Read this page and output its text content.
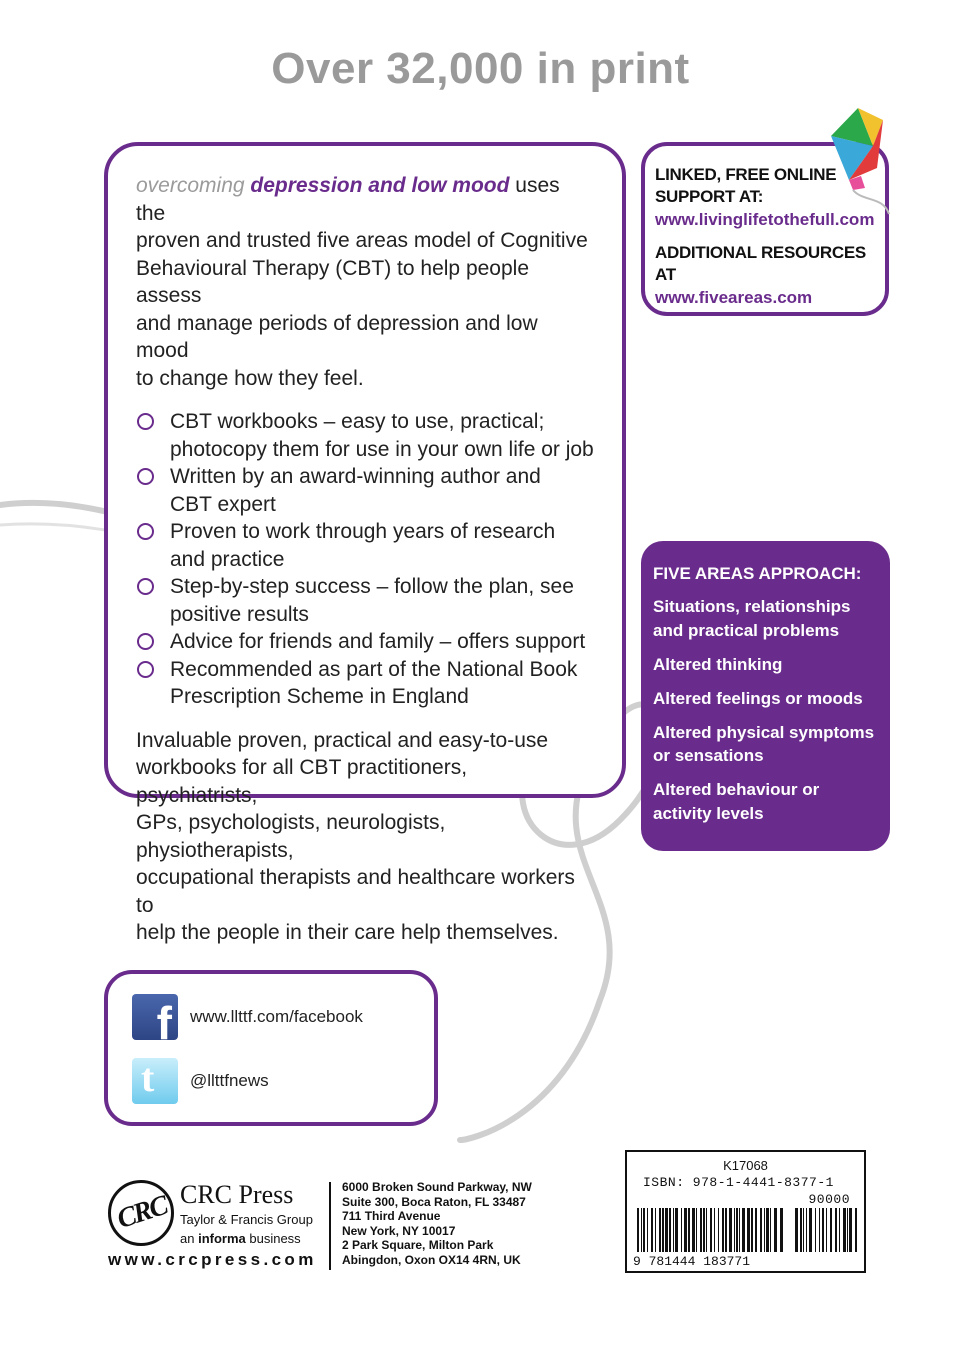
Over 32,000 in print
overcoming depression and low mood uses the
proven and trusted five areas model of Cognitive
Behavioural Therapy (CBT) to help people assess
and manage periods of depression and low mood
to change how they feel.
CBT workbooks – easy to use, practical;
photocopy them for use in your own life or job
Written by an award-winning author and
CBT expert
Proven to work through years of research
and practice
Step-by-step success – follow the plan, see
positive results
Advice for friends and family – offers support
Recommended as part of the National Book
Prescription Scheme in England
Invaluable proven, practical and easy-to-use
workbooks for all CBT practitioners, psychiatrists,
GPs, psychologists, neurologists, physiotherapists,
occupational therapists and healthcare workers to
help the people in their care help themselves.
LINKED, FREE ONLINE
SUPPORT AT:
www.livinglifetothefull.com
ADDITIONAL RESOURCES AT
www.fiveareas.com
FIVE AREAS APPROACH:
Situations, relationships
and practical problems
Altered thinking
Altered feelings or moods
Altered physical symptoms
or sensations
Altered behaviour or
activity levels
f www.llttf.com/facebook
t @llttfnews
CRC CRC Press
Taylor & Francis Group
an informa business
www.crcpress.com
6000 Broken Sound Parkway, NW
Suite 300, Boca Raton, FL 33487
711 Third Avenue
New York, NY 10017
2 Park Square, Milton Park
Abingdon, Oxon OX14 4RN, UK
K17068
ISBN: 978-1-4441-8377-1
90000
9 781444 183771
